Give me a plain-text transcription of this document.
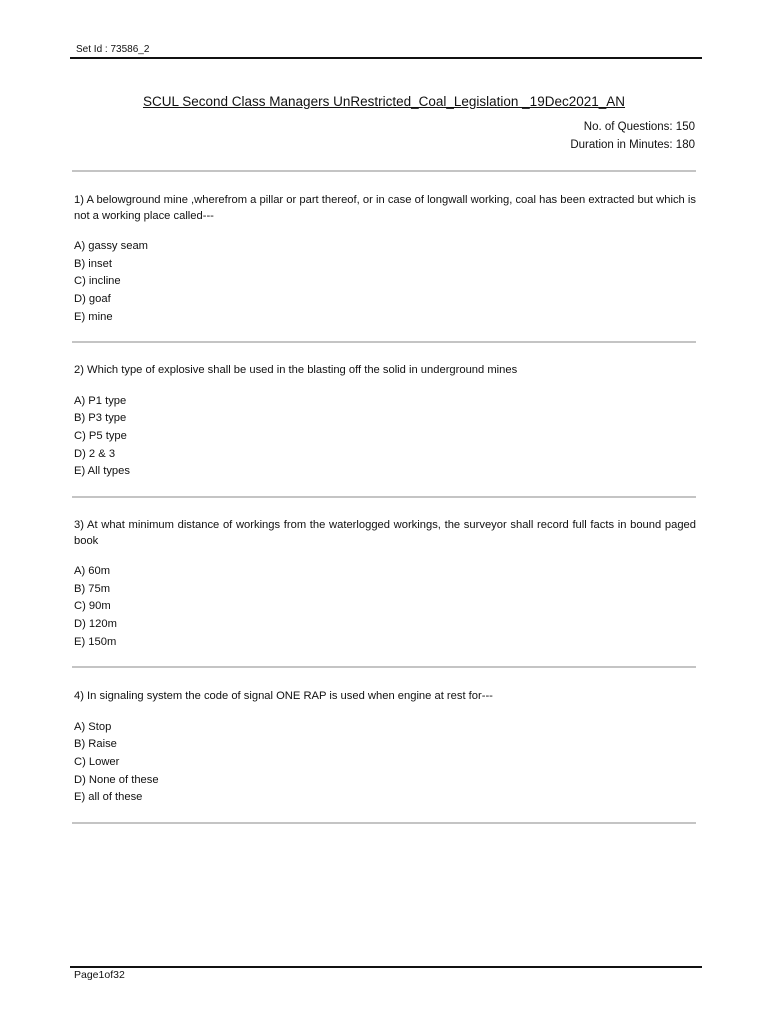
Set Id : 73586_2
SCUL Second Class Managers UnRestricted_Coal_Legislation _19Dec2021_AN
No. of Questions: 150
Duration in Minutes: 180
1) A belowground mine ,wherefrom a pillar or part thereof, or in case of longwall working, coal has been extracted but which is not a working place called---
A) gassy seam
B) inset
C) incline
D) goaf
E) mine
2) Which type of explosive shall be used in the blasting off the solid in underground mines
A) P1 type
B) P3 type
C) P5 type
D) 2 & 3
E) All types
3) At what minimum distance of workings from the waterlogged workings, the surveyor shall record full facts in bound paged book
A) 60m
B) 75m
C) 90m
D) 120m
E) 150m
4) In signaling system the code of signal ONE RAP is used when engine at rest for---
A) Stop
B) Raise
C) Lower
D) None of these
E) all of these
Page1of32
